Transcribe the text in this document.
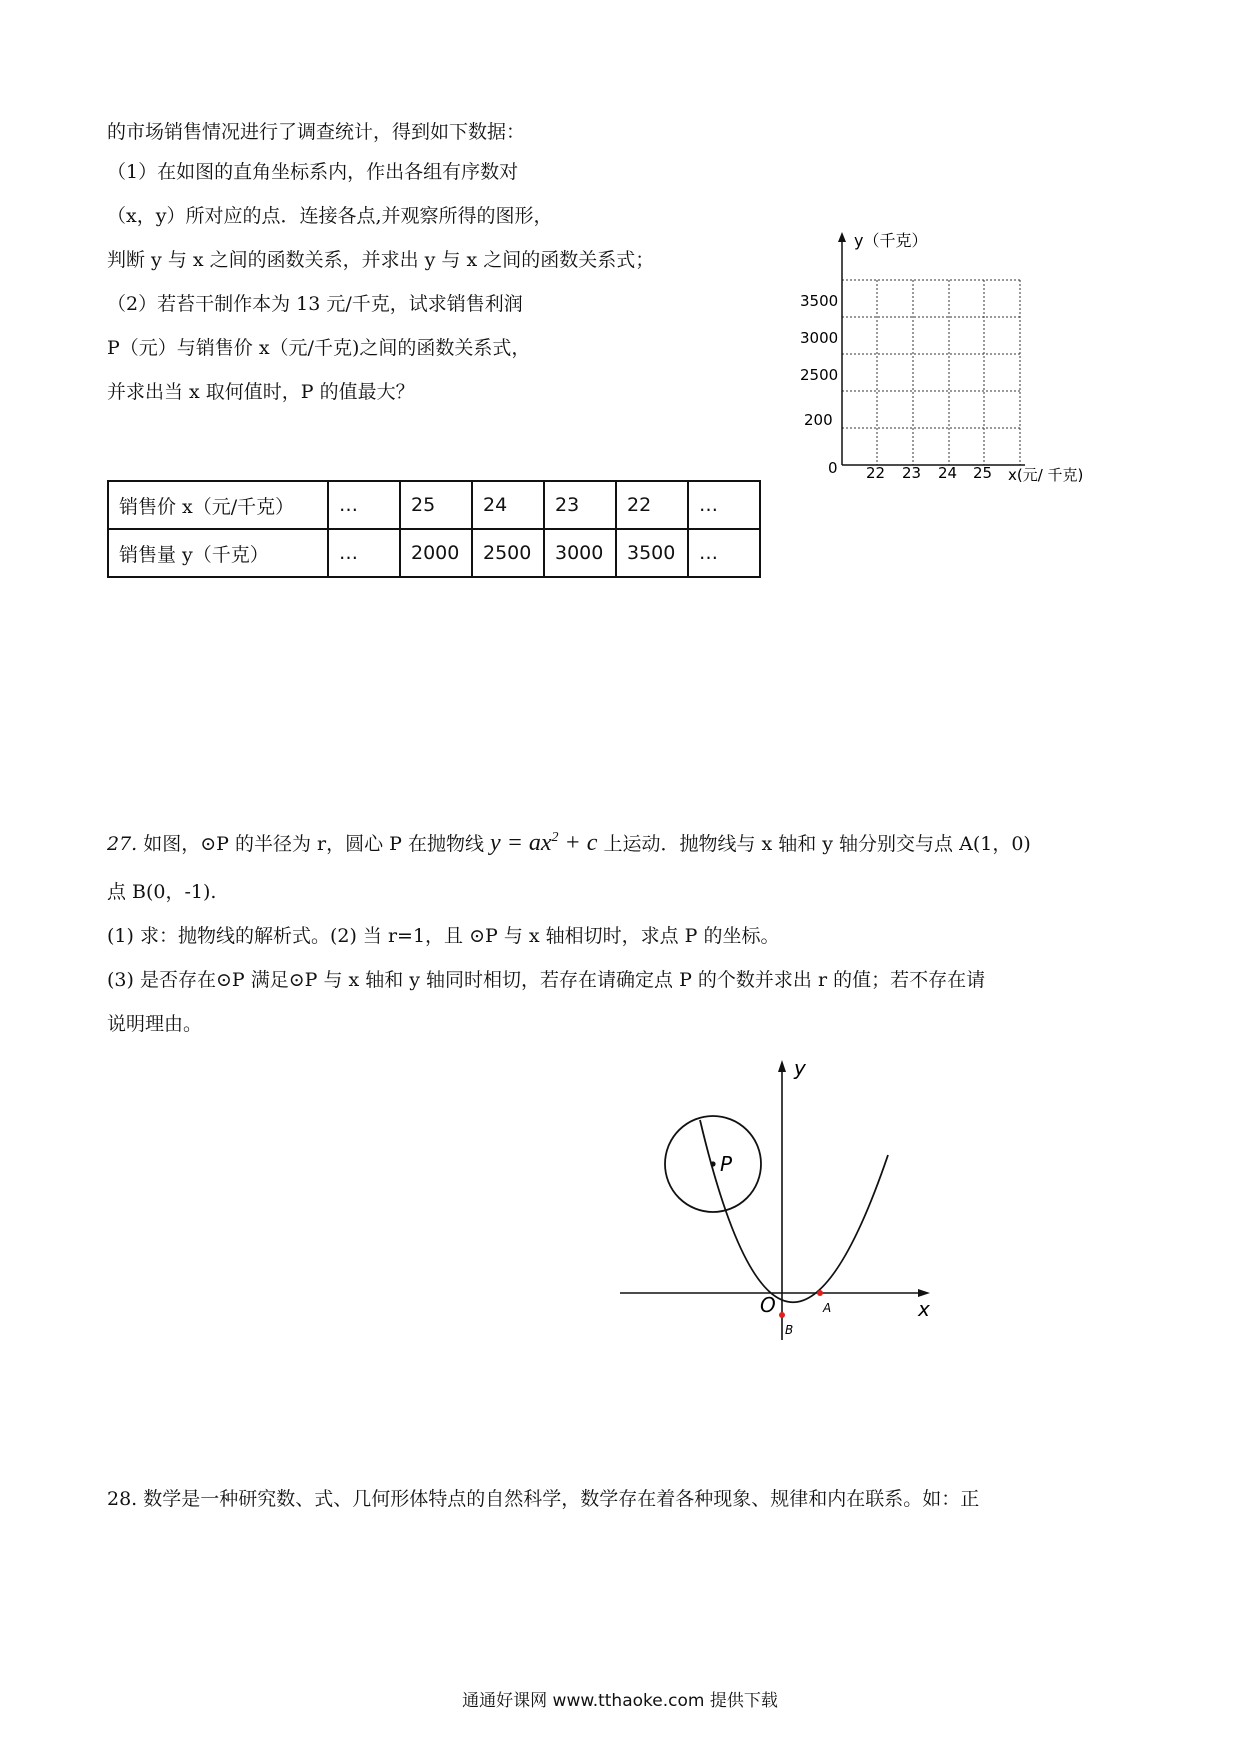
的市场销售情况进行了调查统计，得到如下数据：
（1）在如图的直角坐标系内，作出各组有序数对
（x，y）所对应的点．连接各点,并观察所得的图形，
判断 y 与 x 之间的函数关系，并求出 y 与 x 之间的函数关系式；
（2）若苔干制作本为 13 元/千克，试求销售利润
P（元）与销售价 x（元/千克)之间的函数关系式，
并求出当 x 取何值时，P 的值最大？
销售价 x（元/千克）	…	25	24	23	22	…
销售量 y（千克）	…	2000	2500	3000	3500	…
y（千克）
3500
3000
2500
200
0 22 23 24 25 x(元/ 千克)
27. 如图，⊙P 的半径为 r，圆心 P 在抛物线 $y = ax^2 + c$ 上运动．抛物线与 x 轴和 y 轴分别交与点 A(1，0)
点 B(0，-1).
(1) 求：抛物线的解析式。(2) 当 r=1，且 ⊙P 与 x 轴相切时，求点 P 的坐标。
(3) 是否存在⊙P 满足⊙P 与 x 轴和 y 轴同时相切，若存在请确定点 P 的个数并求出 r 的值；若不存在请
说明理由。
y
x
O
P
A
B
28. 数学是一种研究数、式、几何形体特点的自然科学，数学存在着各种现象、规律和内在联系。如：正
通通好课网 www.tthaoke.com 提供下载
